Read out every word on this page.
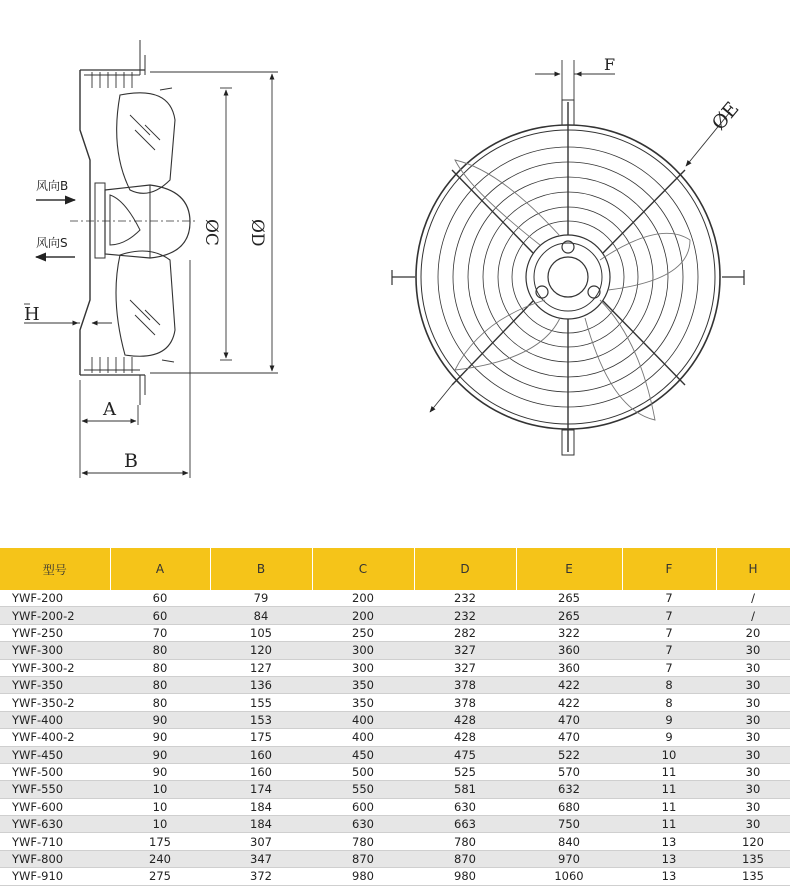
风向B
风向S	ØC ØD
A
B
H
F
ØE
型号	A	B	C	D	E	F	H
YWF-200	60	79	200	232	265	7	/
YWF-200-2	60	84	200	232	265	7	/
YWF-250	70	105	250	282	322	7	20
YWF-300	80	120	300	327	360	7	30
YWF-300-2	80	127	300	327	360	7	30
YWF-350	80	136	350	378	422	8	30
YWF-350-2	80	155	350	378	422	8	30
YWF-400	90	153	400	428	470	9	30
YWF-400-2	90	175	400	428	470	9	30
YWF-450	90	160	450	475	522	10	30
YWF-500	90	160	500	525	570	11	30
YWF-550	10	174	550	581	632	11	30
YWF-600	10	184	600	630	680	11	30
YWF-630	10	184	630	663	750	11	30
YWF-710	175	307	780	780	840	13	120
YWF-800	240	347	870	870	970	13	135
YWF-910	275	372	980	980	1060	13	135
